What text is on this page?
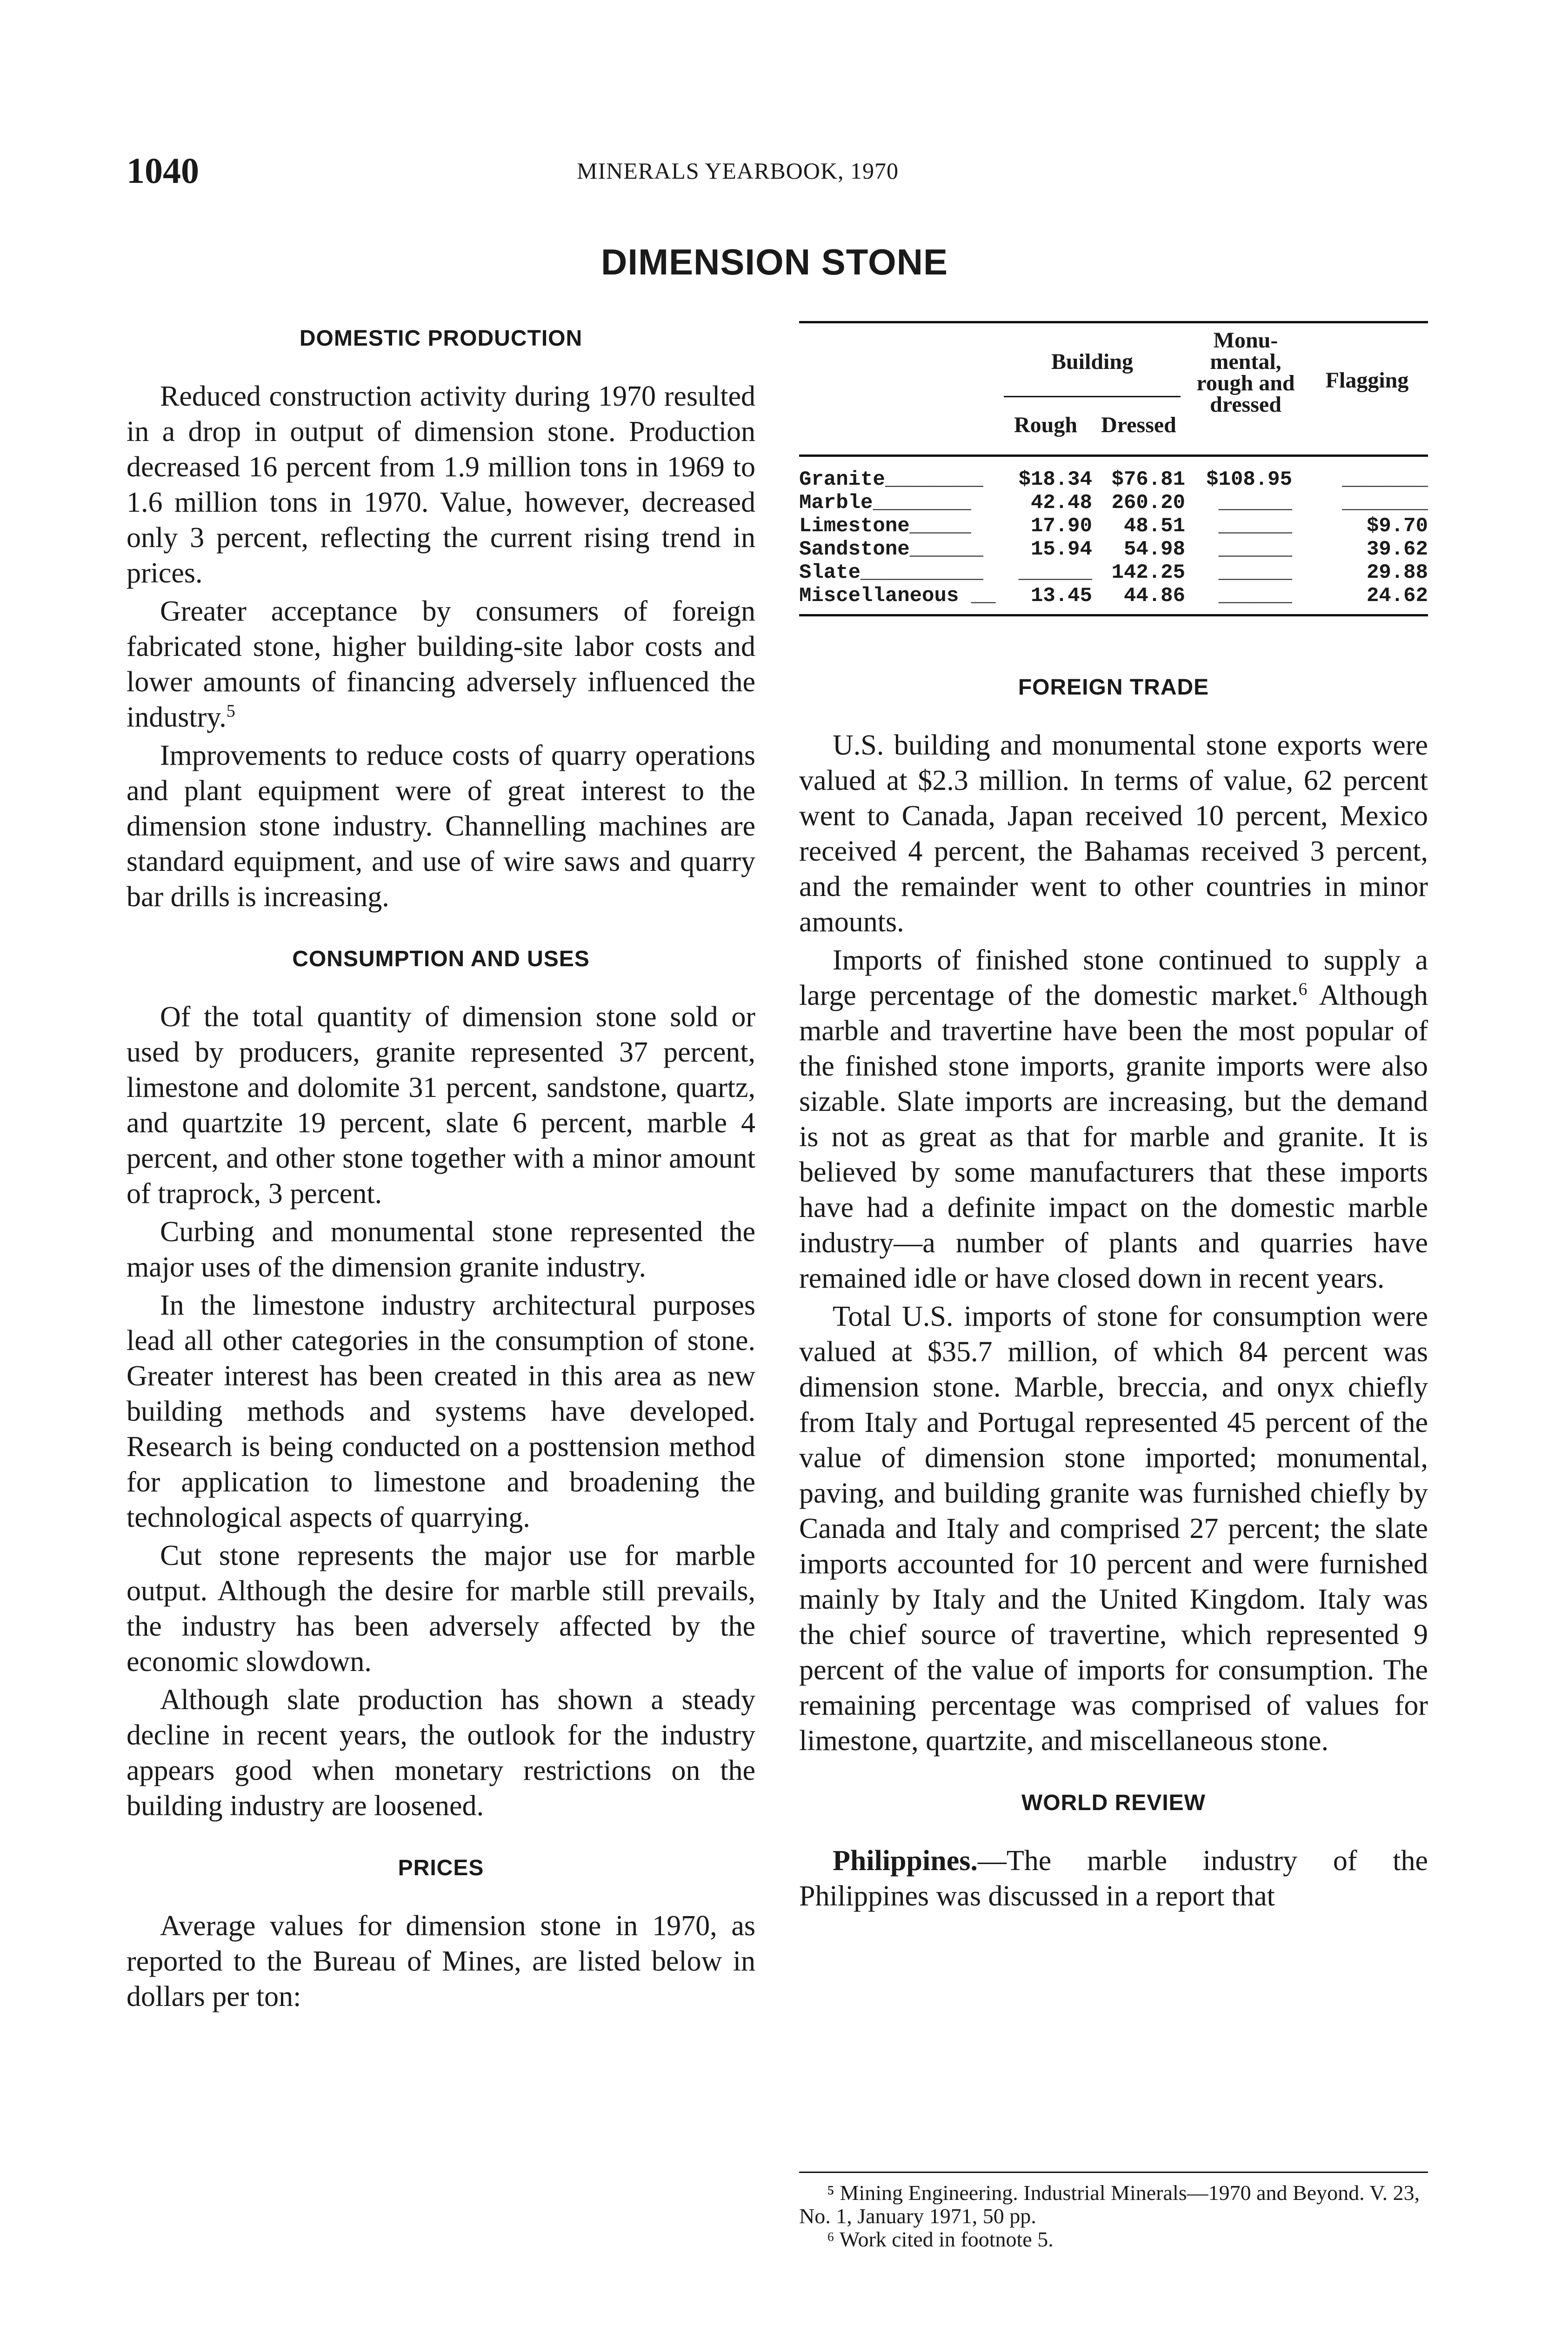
1040	MINERALS YEARBOOK, 1970
DIMENSION STONE
DOMESTIC PRODUCTION

Reduced construction activity during 1970 resulted in a drop in output of dimension stone. Production decreased 16 percent from 1.9 million tons in 1969 to 1.6 million tons in 1970. Value, however, decreased only 3 percent, reflecting the current rising trend in prices.

Greater acceptance by consumers of foreign fabricated stone, higher building-site labor costs and lower amounts of financing adversely influenced the industry.$^5$

Improvements to reduce costs of quarry operations and plant equipment were of great interest to the dimension stone industry. Channelling machines are standard equipment, and use of wire saws and quarry bar drills is increasing.

CONSUMPTION AND USES

Of the total quantity of dimension stone sold or used by producers, granite represented 37 percent, limestone and dolomite 31 percent, sandstone, quartz, and quartzite 19 percent, slate 6 percent, marble 4 percent, and other stone together with a minor amount of traprock, 3 percent.

Curbing and monumental stone represented the major uses of the dimension granite industry.

In the limestone industry architectural purposes lead all other categories in the consumption of stone. Greater interest has been created in this area as new building methods and systems have developed. Research is being conducted on a posttension method for application to limestone and broadening the technological aspects of quarrying.

Cut stone represents the major use for marble output. Although the desire for marble still prevails, the industry has been adversely affected by the economic slowdown.

Although slate production has shown a steady decline in recent years, the outlook for the industry appears good when monetary restrictions on the building industry are loosened.

PRICES

Average values for dimension stone in 1970, as reported to the Bureau of Mines, are listed below in dollars per ton:

Building
Rough	Dressed
Monu- mental, rough and dressed
Flagging
Granite________	$18.34 $76.81	$108.95	_______
Marble________	42.48 260.20	______	_______
Limestone_____	17.90	48.51	______	$9.70
Sandstone______	15.94	54.98	______	39.62
Slate__________	______ 142.25	______	29.88
Miscellaneous __	13.45	44.86	______	24.62
FOREIGN TRADE

U.S. building and monumental stone exports were valued at $2.3 million. In terms of value, 62 percent went to Canada, Japan received 10 percent, Mexico received 4 percent, the Bahamas received 3 percent, and the remainder went to other countries in minor amounts.

Imports of finished stone continued to supply a large percentage of the domestic market.$^6$ Although marble and travertine have been the most popular of the finished stone imports, granite imports were also sizable. Slate imports are increasing, but the demand is not as great as that for marble and granite. It is believed by some manufacturers that these imports have had a definite impact on the domestic marble industry—a number of plants and quarries have remained idle or have closed down in recent years.

Total U.S. imports of stone for consumption were valued at $35.7 million, of which 84 percent was dimension stone. Marble, breccia, and onyx chiefly from Italy and Portugal represented 45 percent of the value of dimension stone imported; monumental, paving, and building granite was furnished chiefly by Canada and Italy and comprised 27 percent; the slate imports accounted for 10 percent and were furnished mainly by Italy and the United Kingdom. Italy was the chief source of travertine, which represented 9 percent of the value of imports for consumption. The remaining percentage was comprised of values for limestone, quartzite, and miscellaneous stone.

WORLD REVIEW

Philippines.—The marble industry of the Philippines was discussed in a report that

⁵ Mining Engineering. Industrial Minerals—1970 and Beyond. V. 23, No. 1, January 1971, 50 pp.
⁶ Work cited in footnote 5.
